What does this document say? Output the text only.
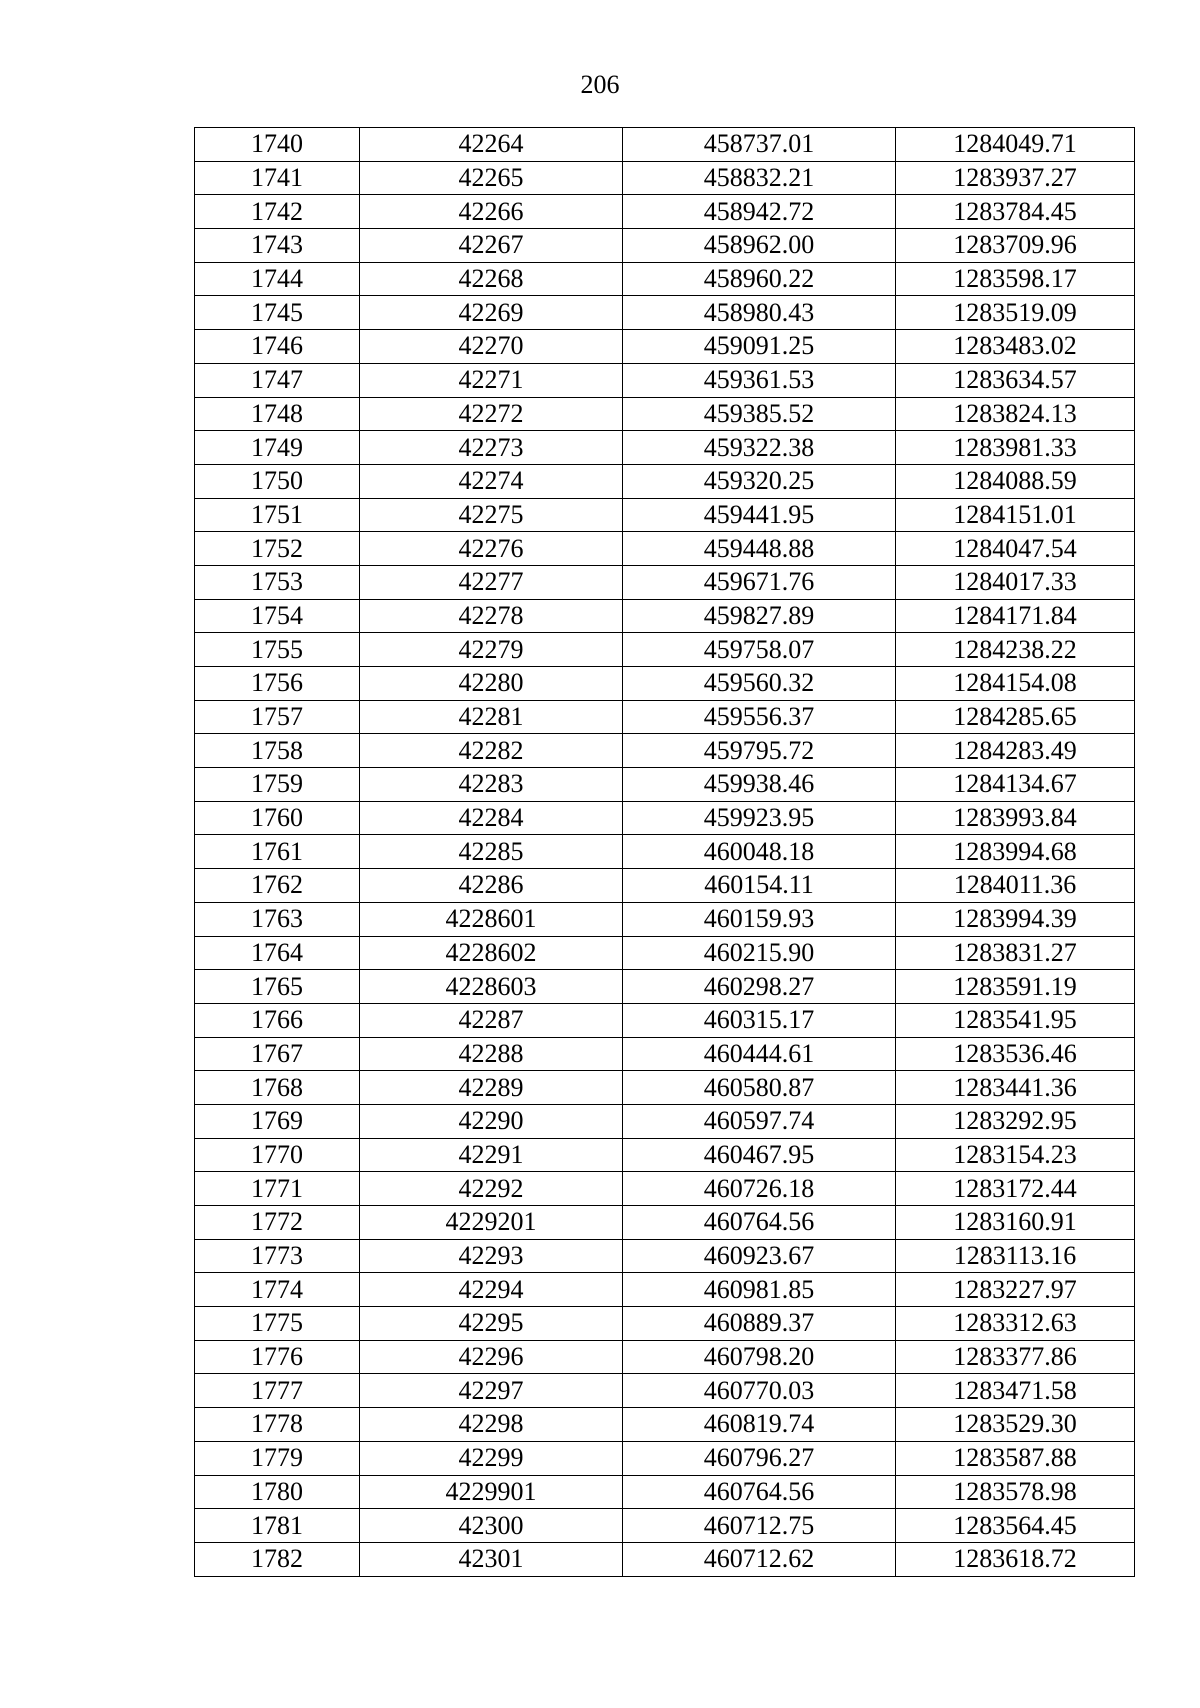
206
1740	42264	458737.01	1284049.71
1741	42265	458832.21	1283937.27
1742	42266	458942.72	1283784.45
1743	42267	458962.00	1283709.96
1744	42268	458960.22	1283598.17
1745	42269	458980.43	1283519.09
1746	42270	459091.25	1283483.02
1747	42271	459361.53	1283634.57
1748	42272	459385.52	1283824.13
1749	42273	459322.38	1283981.33
1750	42274	459320.25	1284088.59
1751	42275	459441.95	1284151.01
1752	42276	459448.88	1284047.54
1753	42277	459671.76	1284017.33
1754	42278	459827.89	1284171.84
1755	42279	459758.07	1284238.22
1756	42280	459560.32	1284154.08
1757	42281	459556.37	1284285.65
1758	42282	459795.72	1284283.49
1759	42283	459938.46	1284134.67
1760	42284	459923.95	1283993.84
1761	42285	460048.18	1283994.68
1762	42286	460154.11	1284011.36
1763	4228601	460159.93	1283994.39
1764	4228602	460215.90	1283831.27
1765	4228603	460298.27	1283591.19
1766	42287	460315.17	1283541.95
1767	42288	460444.61	1283536.46
1768	42289	460580.87	1283441.36
1769	42290	460597.74	1283292.95
1770	42291	460467.95	1283154.23
1771	42292	460726.18	1283172.44
1772	4229201	460764.56	1283160.91
1773	42293	460923.67	1283113.16
1774	42294	460981.85	1283227.97
1775	42295	460889.37	1283312.63
1776	42296	460798.20	1283377.86
1777	42297	460770.03	1283471.58
1778	42298	460819.74	1283529.30
1779	42299	460796.27	1283587.88
1780	4229901	460764.56	1283578.98
1781	42300	460712.75	1283564.45
1782	42301	460712.62	1283618.72
